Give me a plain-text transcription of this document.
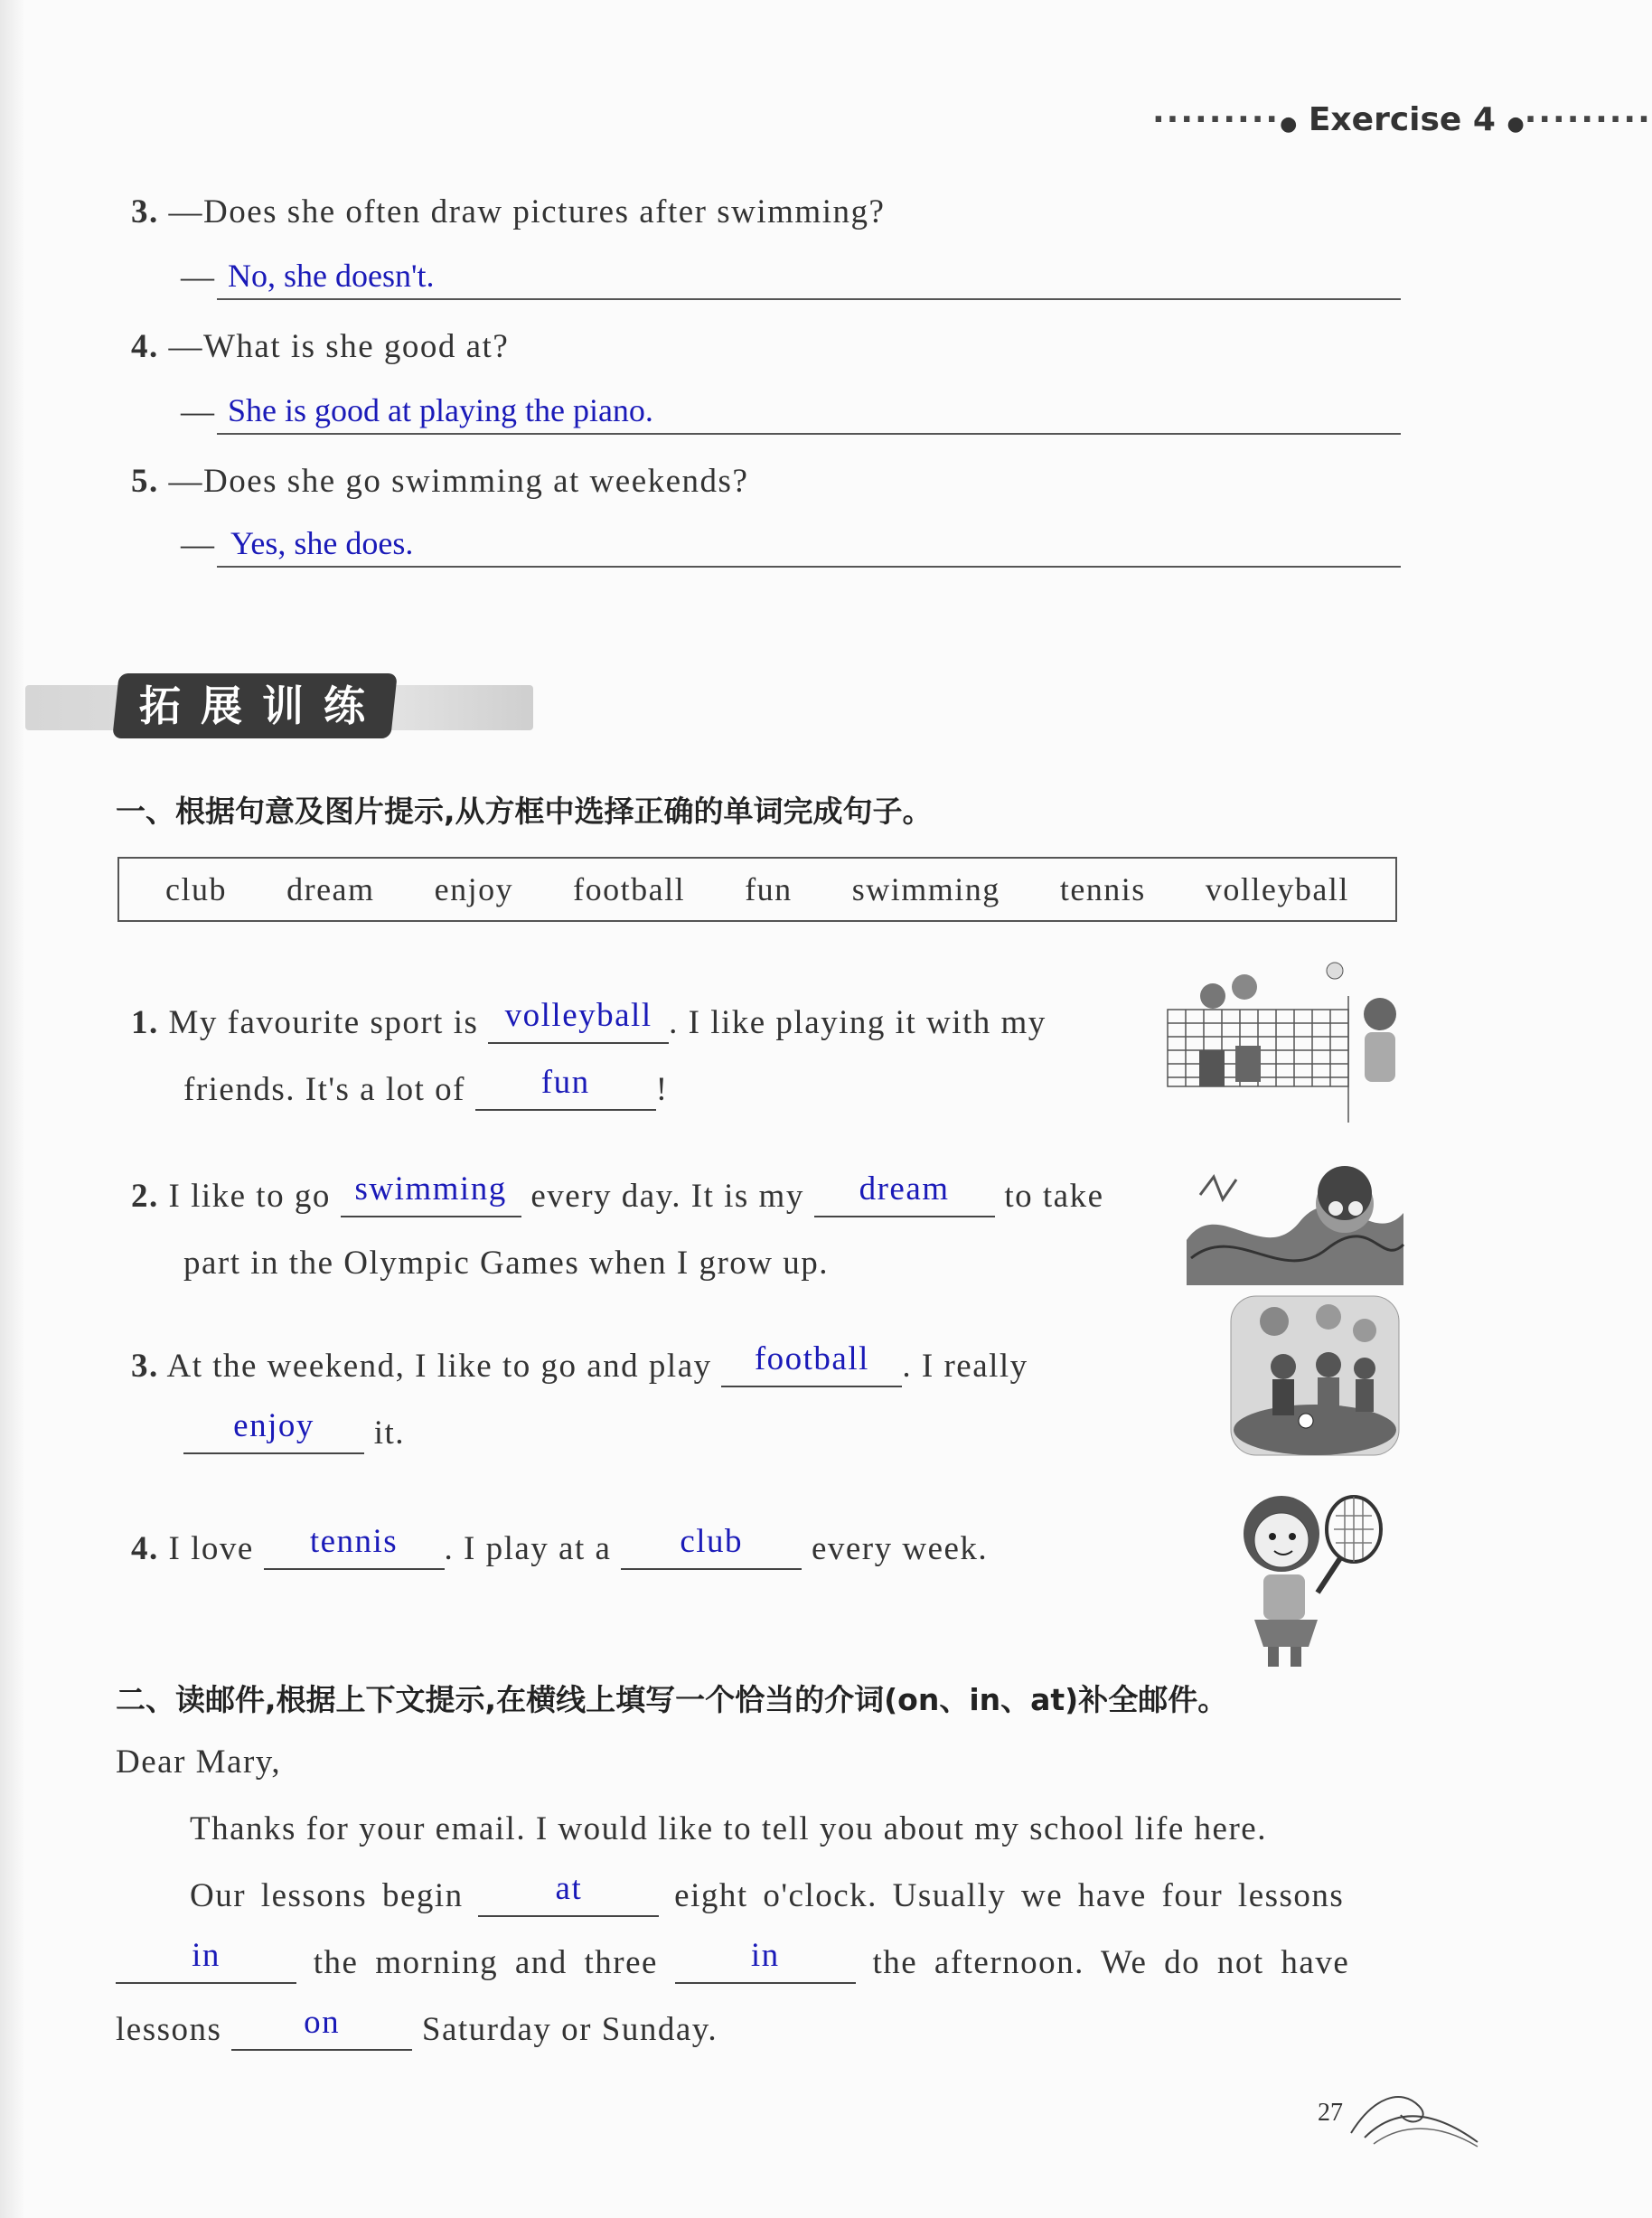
·········● Exercise 4 ●·········
3. —Does she often draw pictures after swimming?
— No, she doesn't.
4. —What is she good at?
— She is good at playing the piano.
5. —Does she go swimming at weekends?
— Yes, she does.
拓展训练
一、根据句意及图片提示,从方框中选择正确的单词完成句子。
club dream enjoy football fun swimming tennis volleyball
1. My favourite sport is volleyball . I like playing it with my
friends. It's a lot of fun !
2. I like to go swimming every day. It is my dream to take
part in the Olympic Games when I grow up.
3. At the weekend, I like to go and play football . I really
enjoy it.
4. I love tennis . I play at a club every week.
二、读邮件,根据上下文提示,在横线上填写一个恰当的介词(on、in、at)补全邮件。
Dear Mary,
Thanks for your email. I would like to tell you about my school life here.
Our lessons begin	at	eight o'clock. Usually we have four lessons
in	the morning and three	in	the afternoon. We do not have
lessons on Saturday or Sunday.
27
